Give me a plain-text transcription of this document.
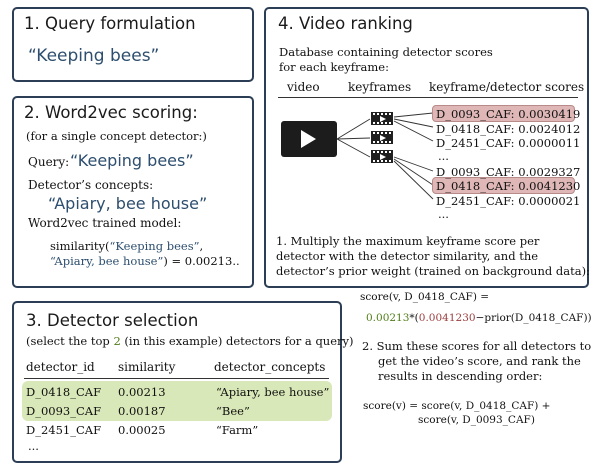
1. Query formulation
“Keeping bees”
2. Word2vec scoring:
(for a single concept detector:)
Query: “Keeping bees”
Detector’s concepts:
“Apiary, bee house”
Word2vec trained model:
similarity(“Keeping bees”,
“Apiary, bee house”) = 0.00213..
3. Detector selection
(select the top 2 (in this example) detectors for a query)
detector_id similarity	detector_concepts
D_0418_CAF 0.00213	“Apiary, bee house”
D_0093_CAF 0.00187	“Bee”
D_2451_CAF 0.00025	“Farm”
...
4. Video ranking
Database containing detector scores
for each keyframe:
video keyframes keyframe/detector scores
D_0093_CAF: 0.0030419
D_0418_CAF: 0.0024012
D_2451_CAF: 0.0000011
...
D_0093_CAF: 0.0029327
D_0418_CAF: 0.0041230
D_2451_CAF: 0.0000021
...
1. Multiply the maximum keyframe score per
detector with the detector similarity, and the
detector’s prior weight (trained on background data):
score(v, D_0418_CAF) =
0.00213*(0.0041230−prior(D_0418_CAF))
2. Sum these scores for all detectors to
get the video’s score, and rank the
results in descending order:
score(v) = score(v, D_0418_CAF) +
score(v, D_0093_CAF)
